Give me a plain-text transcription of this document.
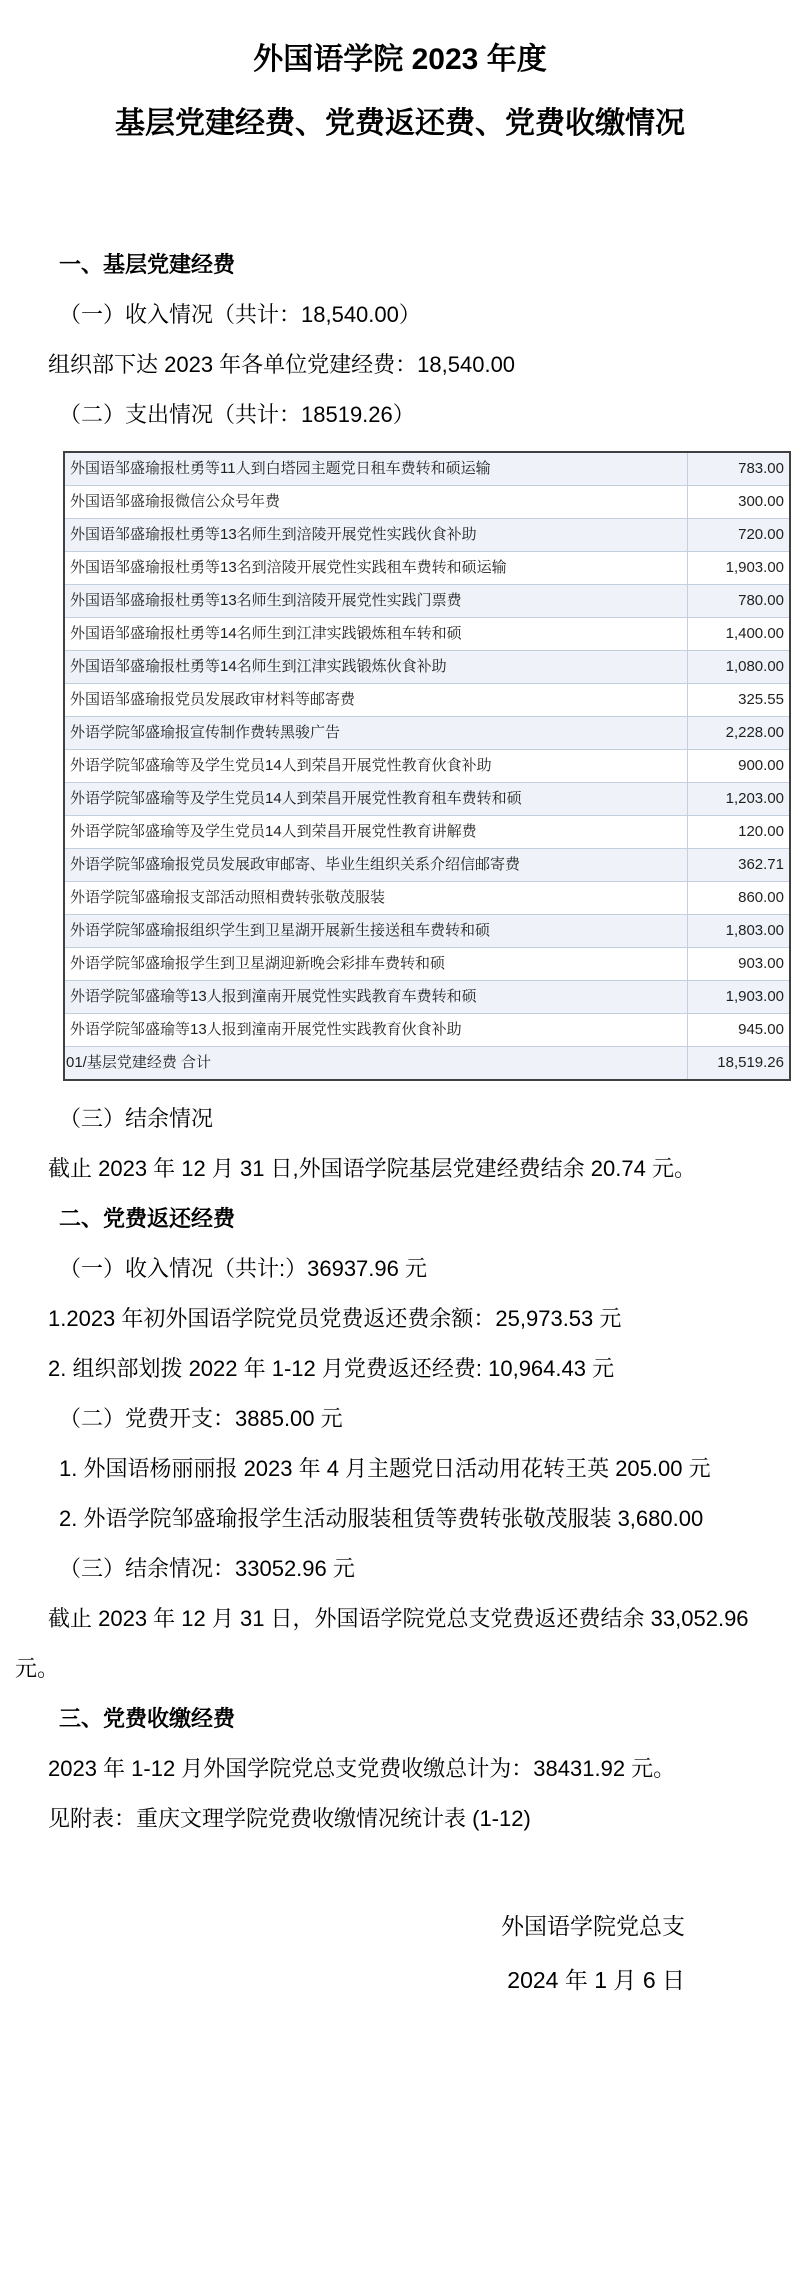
外国语学院 2023 年度
基层党建经费、党费返还费、党费收缴情况

一、基层党建经费

（一）收入情况（共计：18,540.00）

组织部下达 2023 年各单位党建经费：18,540.00

（二）支出情况（共计：18519.26）

外国语邹盛瑜报杜勇等11人到白塔园主题党日租车费转和硕运输	783.00
外国语邹盛瑜报微信公众号年费	300.00
外国语邹盛瑜报杜勇等13名师生到涪陵开展党性实践伙食补助	720.00
外国语邹盛瑜报杜勇等13名到涪陵开展党性实践租车费转和硕运输	1,903.00
外国语邹盛瑜报杜勇等13名师生到涪陵开展党性实践门票费	780.00
外国语邹盛瑜报杜勇等14名师生到江津实践锻炼租车转和硕	1,400.00
外国语邹盛瑜报杜勇等14名师生到江津实践锻炼伙食补助	1,080.00
外国语邹盛瑜报党员发展政审材料等邮寄费	325.55
外语学院邹盛瑜报宣传制作费转黑骏广告	2,228.00
外语学院邹盛瑜等及学生党员14人到荣昌开展党性教育伙食补助	900.00
外语学院邹盛瑜等及学生党员14人到荣昌开展党性教育租车费转和硕	1,203.00
外语学院邹盛瑜等及学生党员14人到荣昌开展党性教育讲解费	120.00
外语学院邹盛瑜报党员发展政审邮寄、毕业生组织关系介绍信邮寄费	362.71
外语学院邹盛瑜报支部活动照相费转张敬茂服装	860.00
外语学院邹盛瑜报组织学生到卫星湖开展新生接送租车费转和硕	1,803.00
外语学院邹盛瑜报学生到卫星湖迎新晚会彩排车费转和硕	903.00
外语学院邹盛瑜等13人报到潼南开展党性实践教育车费转和硕	1,903.00
外语学院邹盛瑜等13人报到潼南开展党性实践教育伙食补助	945.00
01/基层党建经费 合计	18,519.26

（三）结余情况

截止 2023 年 12 月 31 日,外国语学院基层党建经费结余 20.74 元。

二、党费返还经费

（一）收入情况（共计:）36937.96 元

1.2023 年初外国语学院党员党费返还费余额：25,973.53 元

2. 组织部划拨 2022 年 1-12 月党费返还经费: 10,964.43 元

（二）党费开支：3885.00 元

1. 外国语杨丽丽报 2023 年 4 月主题党日活动用花转王英 205.00 元

2. 外语学院邹盛瑜报学生活动服装租赁等费转张敬茂服装 3,680.00

（三）结余情况：33052.96 元

截止 2023 年 12 月 31 日，外国语学院党总支党费返还费结余 33,052.96 元。

三、党费收缴经费

2023 年 1-12 月外国学院党总支党费收缴总计为：38431.92 元。

见附表：重庆文理学院党费收缴情况统计表 (1-12)

外国语学院党总支

2024 年 1 月 6 日
